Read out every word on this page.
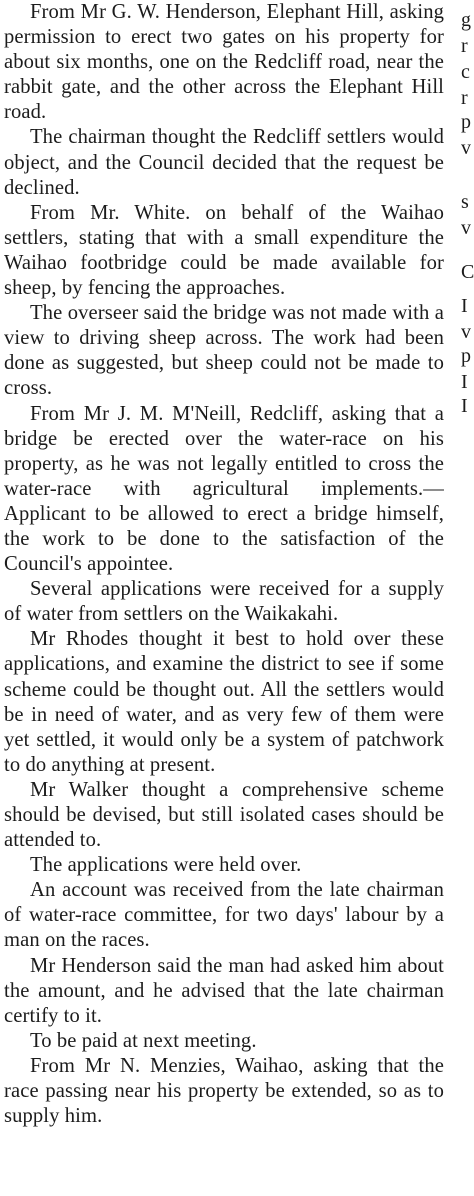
From Mr G. W. Henderson, Elephant Hill, asking permission to erect two gates on his property for about six months, one on the Redcliff road, near the rabbit gate, and the other across the Elephant Hill road.

The chairman thought the Redcliff settlers would object, and the Council decided that the request be declined.

From Mr. White. on behalf of the Waihao settlers, stating that with a small expenditure the Waihao footbridge could be made available for sheep, by fencing the approaches.

The overseer said the bridge was not made with a view to driving sheep across. The work had been done as suggested, but sheep could not be made to cross.

From Mr J. M. M'Neill, Redcliff, asking that a bridge be erected over the water-race on his property, as he was not legally entitled to cross the water-race with agricultural implements.—Applicant to be allowed to erect a bridge himself, the work to be done to the satisfaction of the Council's appointee.

Several applications were received for a supply of water from settlers on the Waikakahi.

Mr Rhodes thought it best to hold over these applications, and examine the district to see if some scheme could be thought out. All the settlers would be in need of water, and as very few of them were yet settled, it would only be a system of patchwork to do anything at present.

Mr Walker thought a comprehensive scheme should be devised, but still isolated cases should be attended to.

The applications were held over.

An account was received from the late chairman of water-race committee, for two days' labour by a man on the races.

Mr Henderson said the man had asked him about the amount, and he advised that the late chairman certify to it.

To be paid at next meeting.

From Mr N. Menzies, Waihao, asking that the race passing near his property be extended, so as to supply him.

g
r
c
r
p
v
s
v
C
I
v
p
I
I
